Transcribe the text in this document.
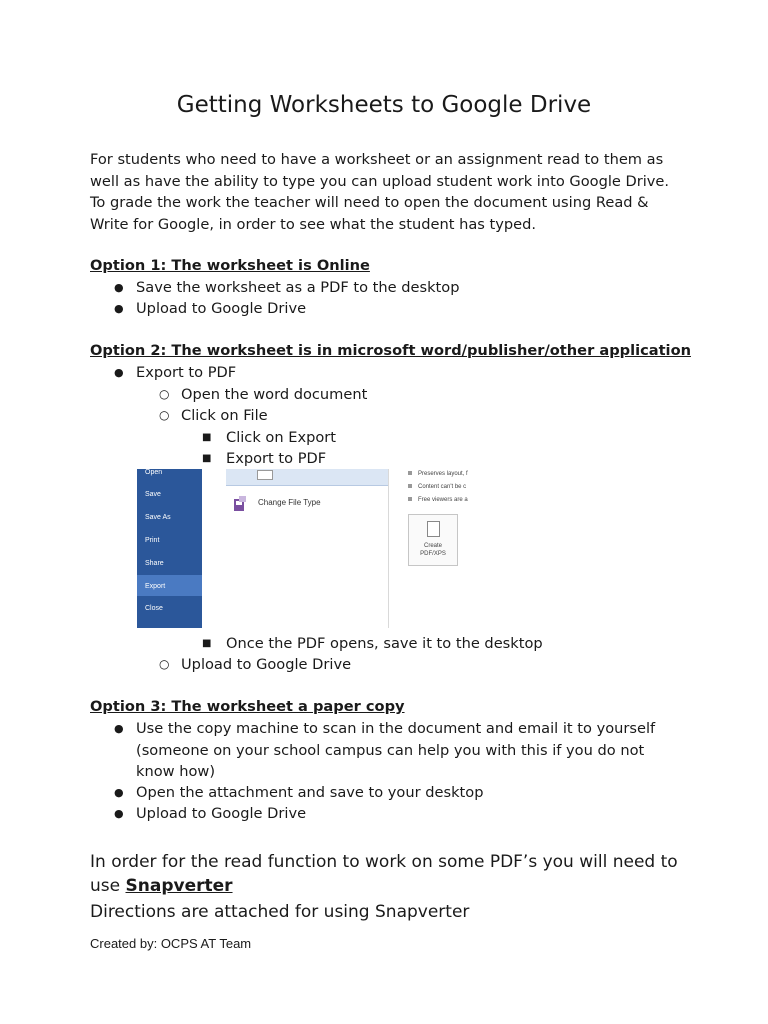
Getting Worksheets to Google Drive

For students who need to have a worksheet or an assignment read to them as well as have the ability to type you can upload student work into Google Drive. To grade the work the teacher will need to open the document using Read & Write for Google, in order to see what the student has typed.

Option 1: The worksheet is Online

● Save the worksheet as a PDF to the desktop
● Upload to Google Drive

Option 2: The worksheet is in microsoft word/publisher/other application

● Export to PDF
○ Open the word document
○ Click on File
■ Click on Export
■ Export to PDF
Open
Save
Save As
Print
Share
Export
Close
Change File Type
Preserves layout, f
Content can't be c
Free viewers are a
Create
PDF/XPS
■ Once the PDF opens, save it to the desktop
○ Upload to Google Drive

Option 3: The worksheet a paper copy

● Use the copy machine to scan in the document and email it to yourself (someone on your school campus can help you with this if you do not know how)
● Open the attachment and save to your desktop
● Upload to Google Drive

In order for the read function to work on some PDF’s you will need to use Snapverter

Directions are attached for using Snapverter

Created by: OCPS AT Team
